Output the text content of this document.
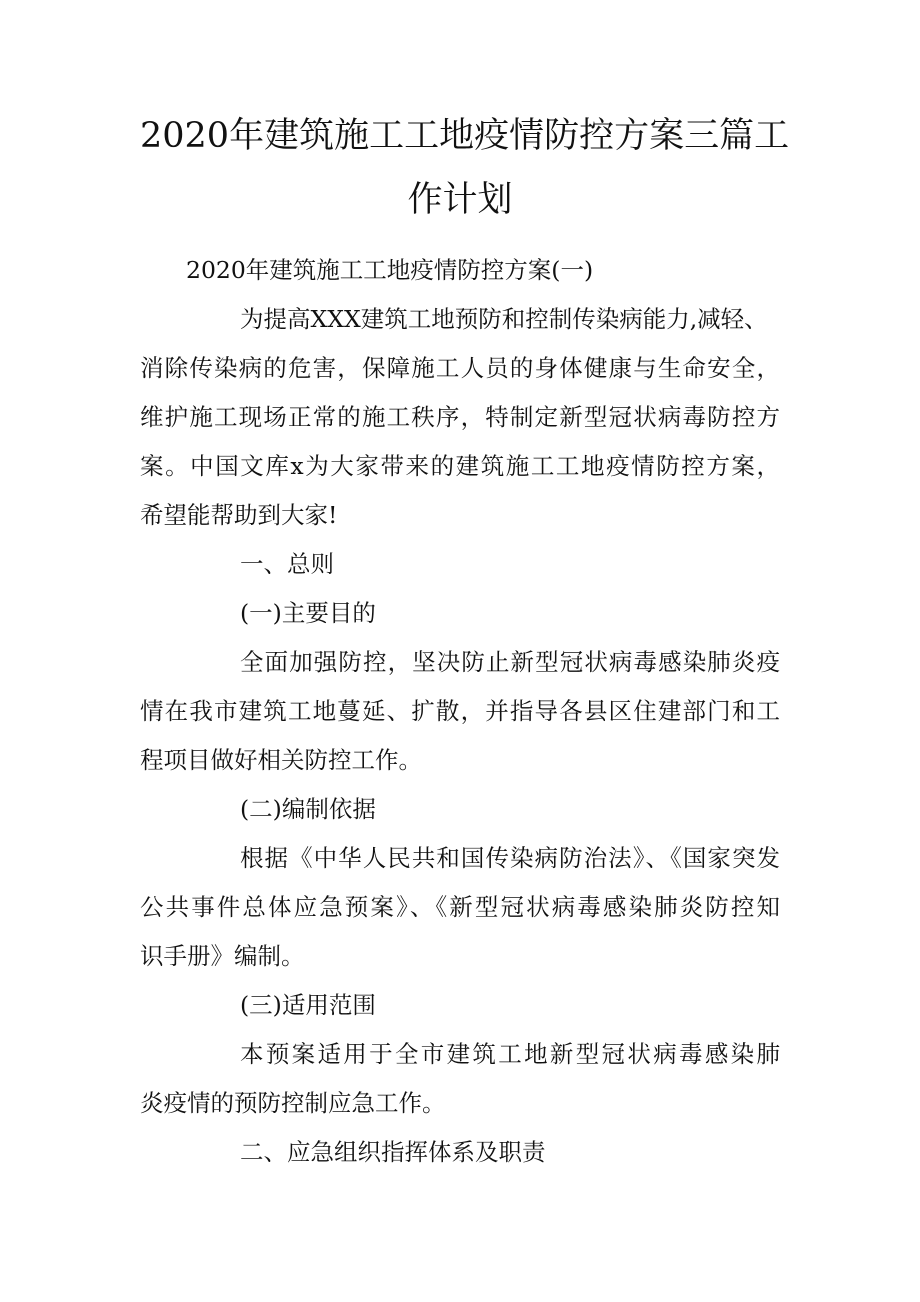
2020年建筑施工工地疫情防控方案三篇工
作计划

2020年建筑施工工地疫情防控方案(一)

为提高XXX建筑工地预防和控制传染病能力,减轻、

消除传染病的危害，保障施工人员的身体健康与生命安全，

维护施工现场正常的施工秩序，特制定新型冠状病毒防控方

案。中国文库x为大家带来的建筑施工工地疫情防控方案，

希望能帮助到大家!

一、总则

(一)主要目的

全面加强防控，坚决防止新型冠状病毒感染肺炎疫

情在我市建筑工地蔓延、扩散，并指导各县区住建部门和工

程项目做好相关防控工作。

(二)编制依据

根据《中华人民共和国传染病防治法》、《国家突发

公共事件总体应急预案》、《新型冠状病毒感染肺炎防控知

识手册》编制。

(三)适用范围

本预案适用于全市建筑工地新型冠状病毒感染肺

炎疫情的预防控制应急工作。

二、应急组织指挥体系及职责
